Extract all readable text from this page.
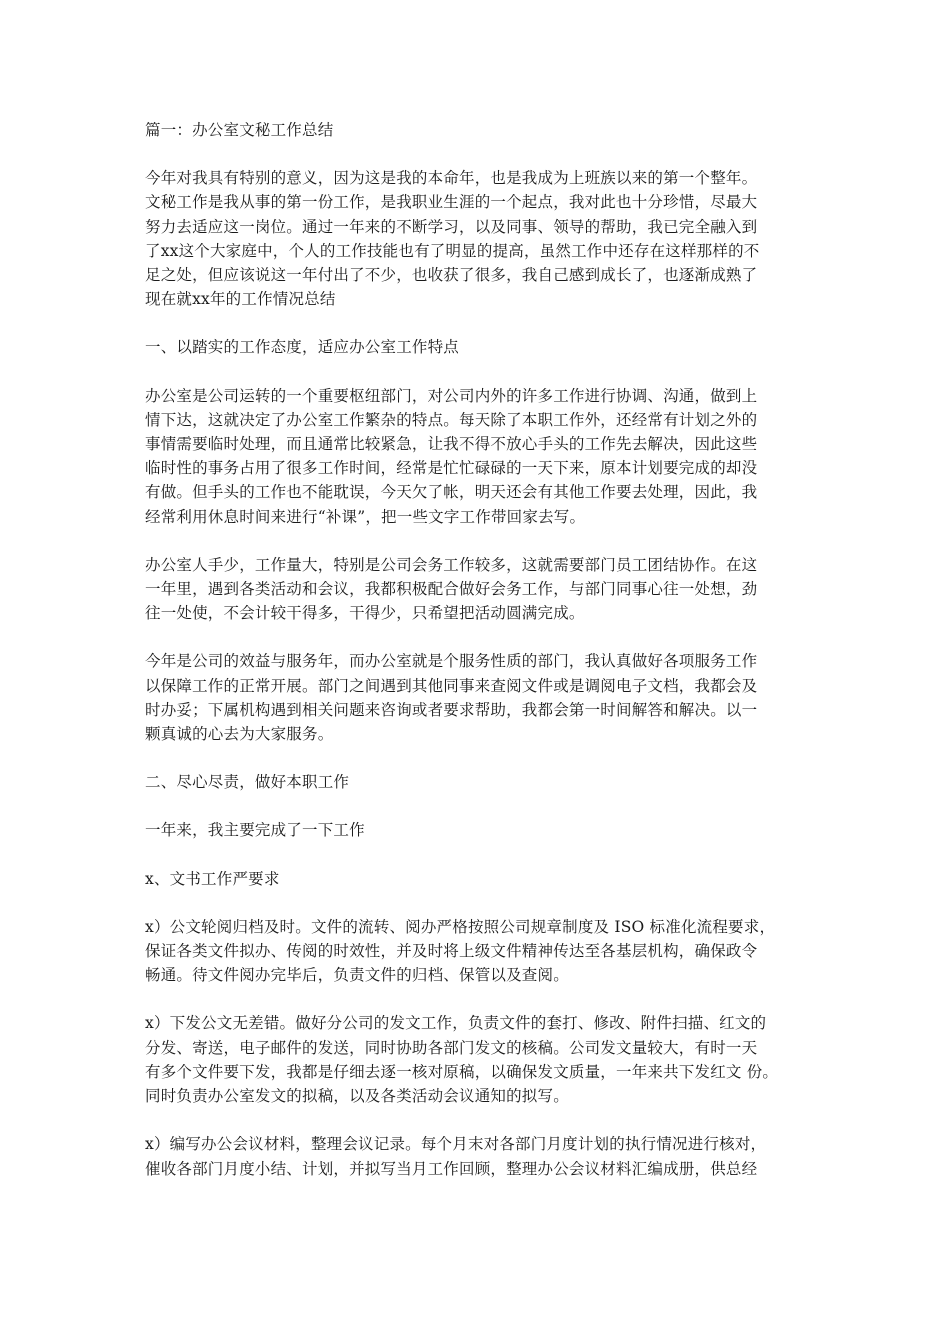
篇一：办公室文秘工作总结
今年对我具有特别的意义，因为这是我的本命年，也是我成为上班族以来的第一个整年。
文秘工作是我从事的第一份工作，是我职业生涯的一个起点，我对此也十分珍惜，尽最大
努力去适应这一岗位。通过一年来的不断学习，以及同事、领导的帮助，我已完全融入到
了xx这个大家庭中，个人的工作技能也有了明显的提高，虽然工作中还存在这样那样的不
足之处，但应该说这一年付出了不少，也收获了很多，我自己感到成长了，也逐渐成熟了
现在就xx年的工作情况总结
一、以踏实的工作态度，适应办公室工作特点
办公室是公司运转的一个重要枢纽部门，对公司内外的许多工作进行协调、沟通，做到上
情下达，这就决定了办公室工作繁杂的特点。每天除了本职工作外，还经常有计划之外的
事情需要临时处理，而且通常比较紧急，让我不得不放心手头的工作先去解决，因此这些
临时性的事务占用了很多工作时间，经常是忙忙碌碌的一天下来，原本计划要完成的却没
有做。但手头的工作也不能耽误，今天欠了帐，明天还会有其他工作要去处理，因此，我
经常利用休息时间来进行“补课”，把一些文字工作带回家去写。
办公室人手少，工作量大，特别是公司会务工作较多，这就需要部门员工团结协作。在这
一年里，遇到各类活动和会议，我都积极配合做好会务工作，与部门同事心往一处想，劲
往一处使，不会计较干得多，干得少，只希望把活动圆满完成。
今年是公司的效益与服务年，而办公室就是个服务性质的部门，我认真做好各项服务工作
以保障工作的正常开展。部门之间遇到其他同事来查阅文件或是调阅电子文档，我都会及
时办妥；下属机构遇到相关问题来咨询或者要求帮助，我都会第一时间解答和解决。以一
颗真诚的心去为大家服务。
二、尽心尽责，做好本职工作
一年来，我主要完成了一下工作
x、文书工作严要求
x）公文轮阅归档及时。文件的流转、阅办严格按照公司规章制度及 ISO 标准化流程要求，
保证各类文件拟办、传阅的时效性，并及时将上级文件精神传达至各基层机构，确保政令
畅通。待文件阅办完毕后，负责文件的归档、保管以及查阅。
x）下发公文无差错。做好分公司的发文工作，负责文件的套打、修改、附件扫描、红文的
分发、寄送，电子邮件的发送，同时协助各部门发文的核稿。公司发文量较大，有时一天
有多个文件要下发，我都是仔细去逐一核对原稿，以确保发文质量，一年来共下发红文 份。
同时负责办公室发文的拟稿，以及各类活动会议通知的拟写。
x）编写办公会议材料，整理会议记录。每个月末对各部门月度计划的执行情况进行核对，
催收各部门月度小结、计划，并拟写当月工作回顾，整理办公会议材料汇编成册，供总经
